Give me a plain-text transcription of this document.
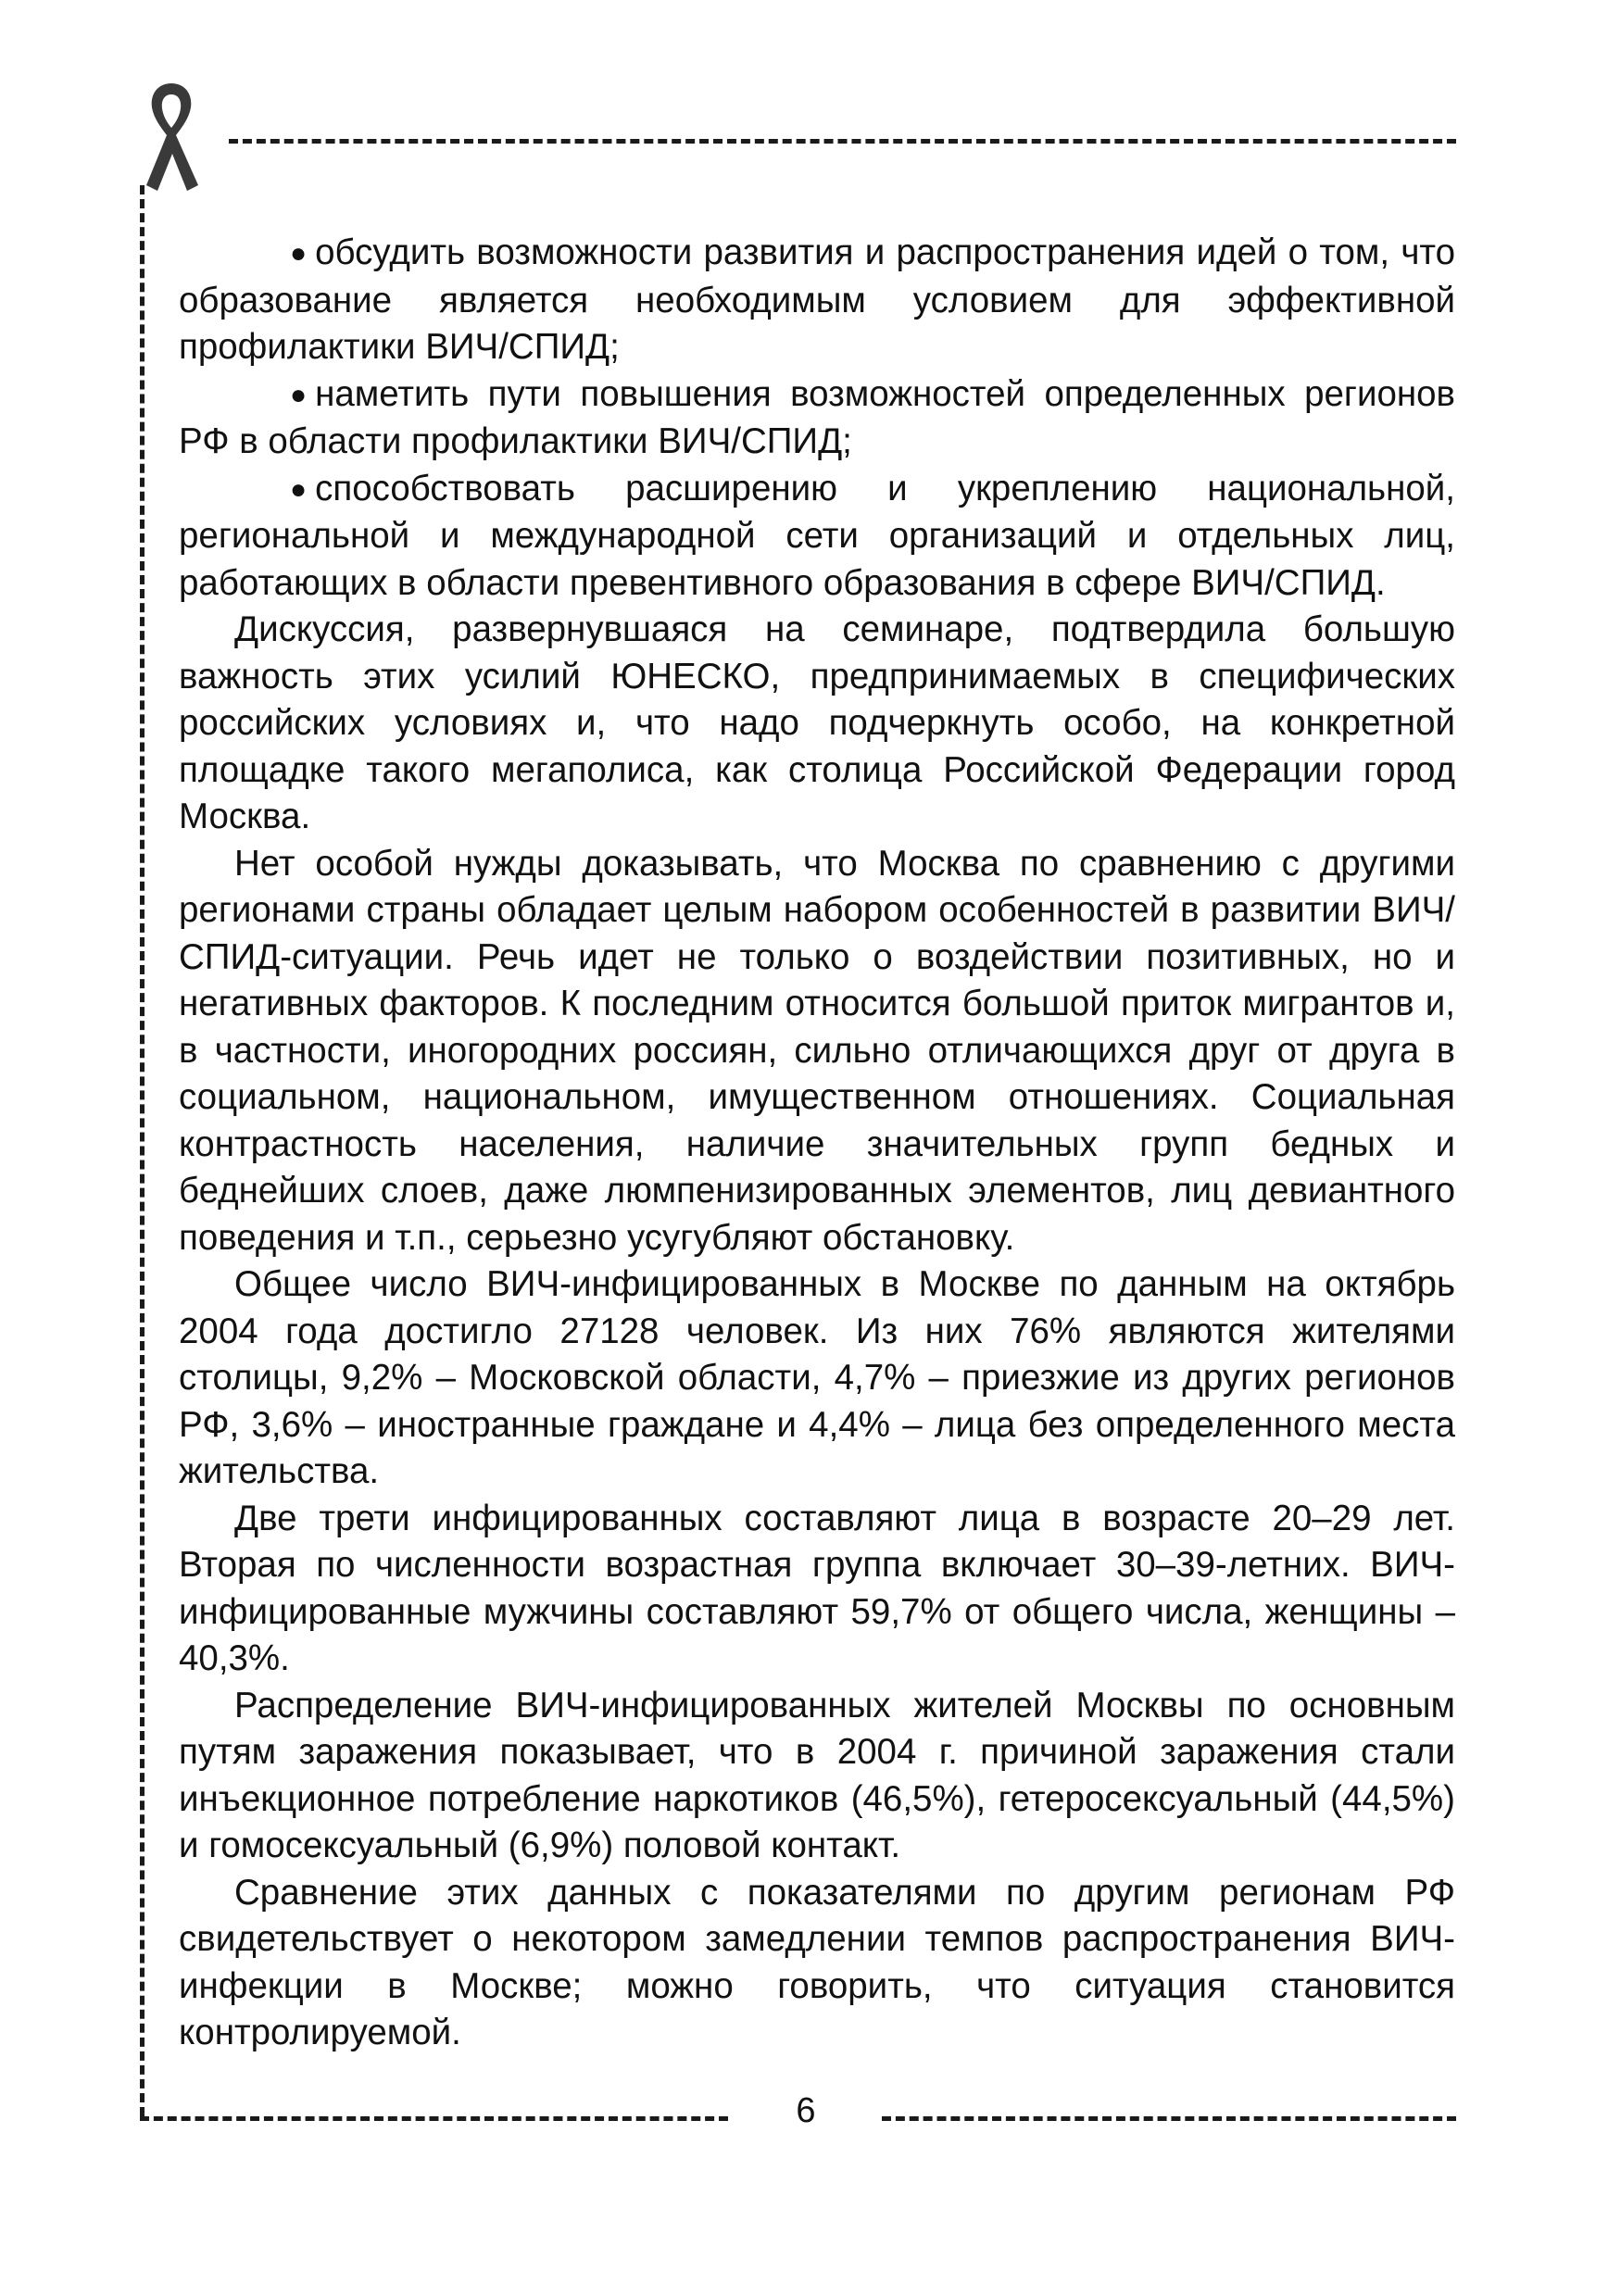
● обсудить возможности развития и распространения идей о том, что образование является необходимым условием для эффективной профилактики ВИЧ/СПИД;

● наметить пути повышения возможностей определенных регионов РФ в области профилактики ВИЧ/СПИД;

● способствовать расширению и укреплению национальной, региональной и международной сети организаций и отдельных лиц, работающих в области превентивного образования в сфере ВИЧ/СПИД.

Дискуссия, развернувшаяся на семинаре, подтвердила большую важность этих усилий ЮНЕСКО, предпринимаемых в специфических российских условиях и, что надо подчеркнуть особо, на конкретной площадке такого мегаполиса, как столица Российской Федерации город Москва.

Нет особой нужды доказывать, что Москва по сравнению с другими регионами страны обладает целым набором особенностей в развитии ВИЧ/СПИД-ситуации. Речь идет не только о воздействии позитивных, но и негативных факторов. К последним относится большой приток мигрантов и, в частности, иногородних россиян, сильно отличающихся друг от друга в социальном, национальном, имущественном отношениях. Социальная контрастность населения, наличие значительных групп бедных и беднейших слоев, даже люмпенизированных элементов, лиц девиантного поведения и т.п., серьезно усугубляют обстановку.

Общее число ВИЧ-инфицированных в Москве по данным на октябрь 2004 года достигло 27128 человек. Из них 76% являются жителями столицы, 9,2% – Московской области, 4,7% – приезжие из других регионов РФ, 3,6% – иностранные граждане и 4,4% – лица без определенного места жительства.

Две трети инфицированных составляют лица в возрасте 20–29 лет. Вторая по численности возрастная группа включает 30–39-летних. ВИЧ-инфицированные мужчины составляют 59,7% от общего числа, женщины – 40,3%.

Распределение ВИЧ-инфицированных жителей Москвы по основным путям заражения показывает, что в 2004 г. причиной заражения стали инъекционное потребление наркотиков (46,5%), гетеросексуальный (44,5%) и гомосексуальный (6,9%) половой контакт.

Сравнение этих данных с показателями по другим регионам РФ свидетельствует о некотором замедлении темпов распространения ВИЧ-инфекции в Москве; можно говорить, что ситуация становится контролируемой.

6
